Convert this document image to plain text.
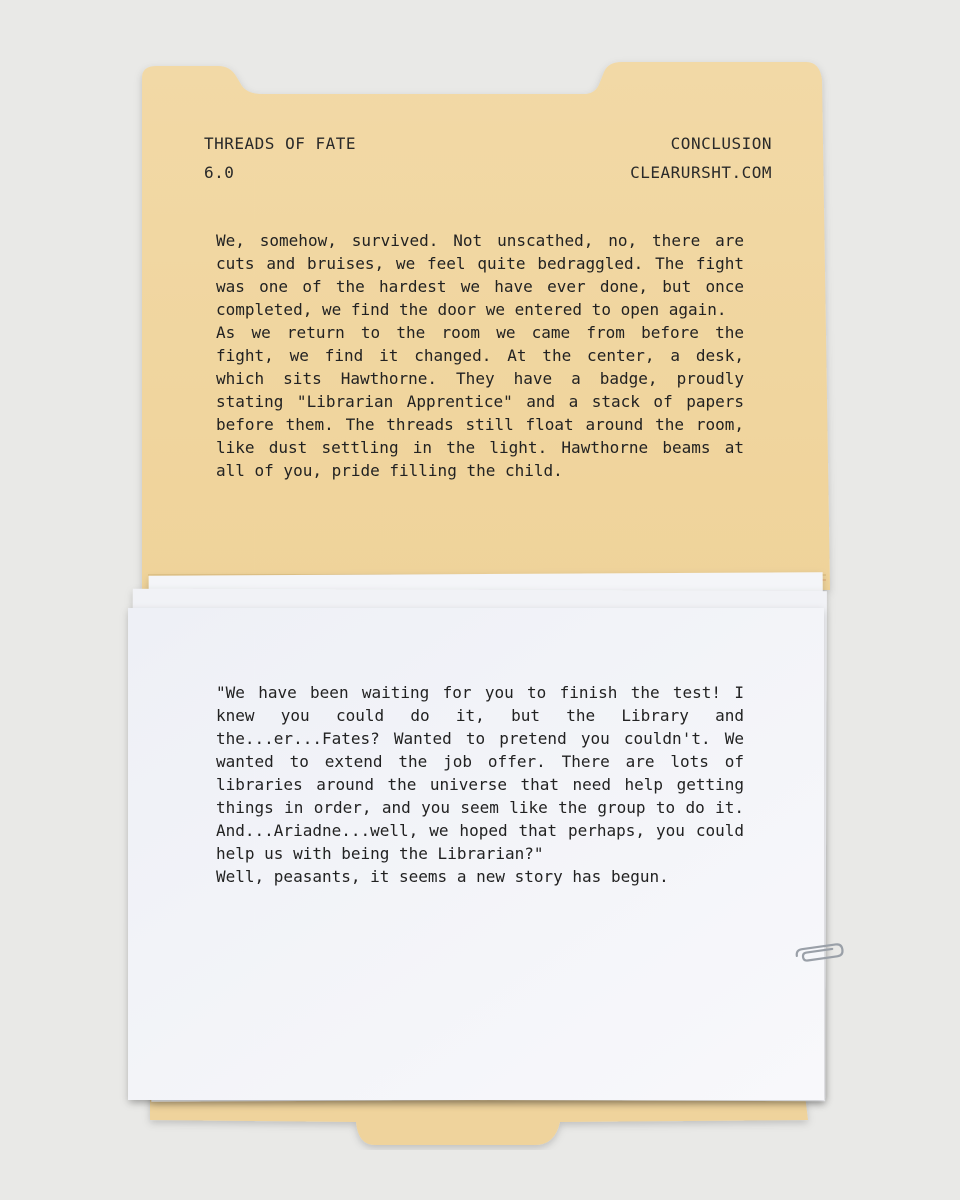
THREADS OF FATE
6.0
CONCLUSION
CLEARURSHT.COM

We, somehow, survived. Not unscathed, no, there are cuts and bruises, we feel quite bedraggled. The fight was one of the hardest we have ever done, but once completed, we find the door we entered to open again.

As we return to the room we came from before the fight, we find it changed. At the center, a desk, which sits Hawthorne. They have a badge, proudly stating "Librarian Apprentice" and a stack of papers before them. The threads still float around the room, like dust settling in the light. Hawthorne beams at all of you, pride filling the child.

"We have been waiting for you to finish the test! I knew you could do it, but the Library and the...er...Fates? Wanted to pretend you couldn't. We wanted to extend the job offer. There are lots of libraries around the universe that need help getting things in order, and you seem like the group to do it. And...Ariadne...well, we hoped that perhaps, you could help us with being the Librarian?"

Well, peasants, it seems a new story has begun.
